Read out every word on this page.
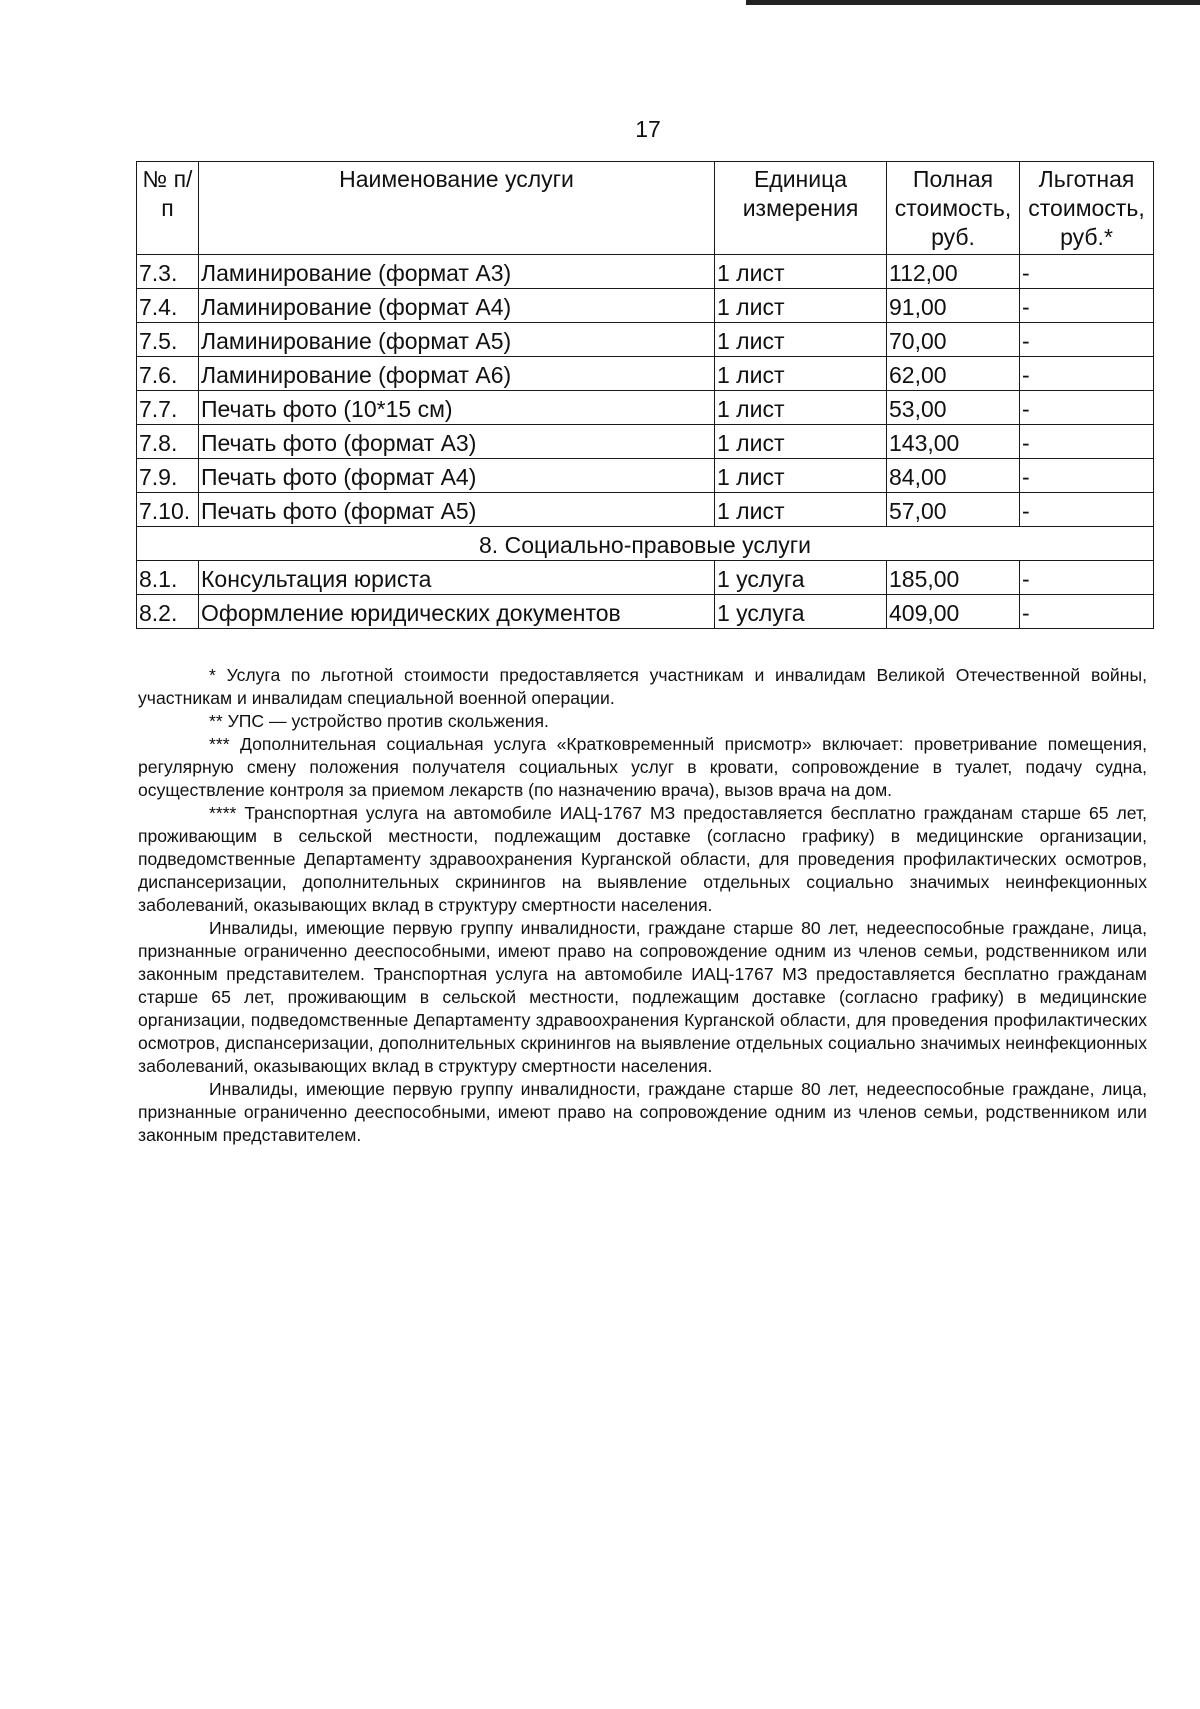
17
№ п/п	Наименование услуги	Единица измерения	Полная стоимость, руб.	Льготная стоимость, руб.*
7.3.	Ламинирование (формат А3)	1 лист	112,00	-
7.4.	Ламинирование (формат А4)	1 лист	91,00	-
7.5.	Ламинирование (формат А5)	1 лист	70,00	-
7.6.	Ламинирование (формат А6)	1 лист	62,00	-
7.7.	Печать фото (10*15 см)	1 лист	53,00	-
7.8.	Печать фото (формат А3)	1 лист	143,00	-
7.9.	Печать фото (формат А4)	1 лист	84,00	-
7.10.	Печать фото (формат А5)	1 лист	57,00	-
8. Социально-правовые услуги				
8.1.	Консультация юриста	1 услуга	185,00	-
8.2.	Оформление юридических документов	1 услуга	409,00	-

* Услуга по льготной стоимости предоставляется участникам и инвалидам Великой Отечественной войны, участникам и инвалидам специальной военной операции.

** УПС — устройство против скольжения.

*** Дополнительная социальная услуга «Кратковременный присмотр» включает: проветривание помещения, регулярную смену положения получателя социальных услуг в кровати, сопровождение в туалет, подачу судна, осуществление контроля за приемом лекарств (по назначению врача), вызов врача на дом.

**** Транспортная услуга на автомобиле ИАЦ-1767 МЗ предоставляется бесплатно гражданам старше 65 лет, проживающим в сельской местности, подлежащим доставке (согласно графику) в медицинские организации, подведомственные Департаменту здравоохранения Курганской области, для проведения профилактических осмотров, диспансеризации, дополнительных скринингов на выявление отдельных социально значимых неинфекционных заболеваний, оказывающих вклад в структуру смертности населения.

Инвалиды, имеющие первую группу инвалидности, граждане старше 80 лет, недееспособные граждане, лица, признанные ограниченно дееспособными, имеют право на сопровождение одним из членов семьи, родственником или законным представителем. Транспортная услуга на автомобиле ИАЦ-1767 МЗ предоставляется бесплатно гражданам старше 65 лет, проживающим в сельской местности, подлежащим доставке (согласно графику) в медицинские организации, подведомственные Департаменту здравоохранения Курганской области, для проведения профилактических осмотров, диспансеризации, дополнительных скринингов на выявление отдельных социально значимых неинфекционных заболеваний, оказывающих вклад в структуру смертности населения.

Инвалиды, имеющие первую группу инвалидности, граждане старше 80 лет, недееспособные граждане, лица, признанные ограниченно дееспособными, имеют право на сопровождение одним из членов семьи, родственником или законным представителем.
